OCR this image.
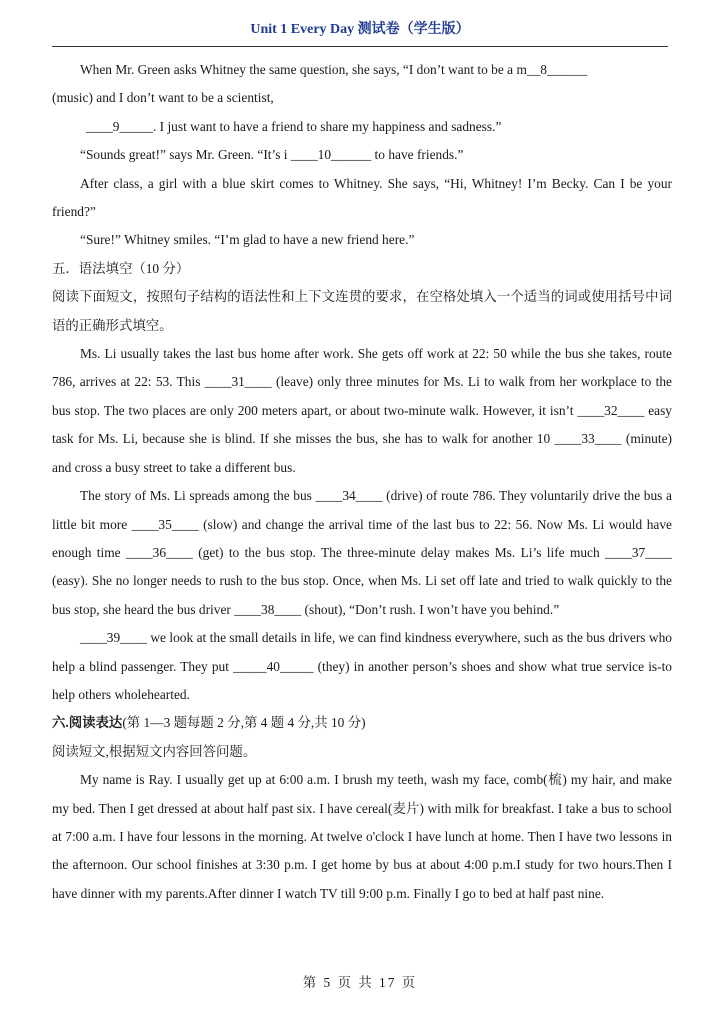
Unit 1 Every Day 测试卷（学生版）

When Mr. Green asks Whitney the same question, she says, “I don’t want to be a m__8______

(music) and I don’t want to be a scientist,

____9_____. I just want to have a friend to share my happiness and sadness.”

“Sounds great!” says Mr. Green. “It’s i ____10______ to have friends.”

After class, a girl with a blue skirt comes to Whitney. She says, “Hi, Whitney! I’m Becky. Can I be your friend?”

“Sure!” Whitney smiles. “I’m glad to have a new friend here.”

五．语法填空（10 分）

阅读下面短文，按照句子结构的语法性和上下文连贯的要求，在空格处填入一个适当的词或使用括号中词语的正确形式填空。

Ms. Li usually takes the last bus home after work. She gets off work at 22: 50 while the bus she takes, route 786, arrives at 22: 53. This ____31____ (leave) only three minutes for Ms. Li to walk from her workplace to the bus stop. The two places are only 200 meters apart, or about two-minute walk. However, it isn’t ____32____ easy task for Ms. Li, because she is blind. If she misses the bus, she has to walk for another 10 ____33____ (minute) and cross a busy street to take a different bus.

The story of Ms. Li spreads among the bus ____34____ (drive) of route 786. They voluntarily drive the bus a little bit more ____35____ (slow) and change the arrival time of the last bus to 22: 56. Now Ms. Li would have enough time ____36____ (get) to the bus stop. The three-minute delay makes Ms. Li’s life much ____37____ (easy). She no longer needs to rush to the bus stop. Once, when Ms. Li set off late and tried to walk quickly to the bus stop, she heard the bus driver ____38____ (shout), “Don’t rush. I won’t have you behind.”

____39____ we look at the small details in life, we can find kindness everywhere, such as the bus drivers who help a blind passenger. They put _____40_____ (they) in another person’s shoes and show what true service is-to help others wholehearted.

六.阅读表达(第 1—3 题每题 2 分,第 4 题 4 分,共 10 分)

阅读短文,根据短文内容回答问题。

My name is Ray. I usually get up at 6:00 a.m. I brush my teeth, wash my face, comb(梳) my hair, and make my bed. Then I get dressed at about half past six. I have cereal(麦片) with milk for breakfast. I take a bus to school at 7:00 a.m. I have four lessons in the morning. At twelve o'clock I have lunch at home. Then I have two lessons in the afternoon. Our school finishes at 3:30 p.m. I get home by bus at about 4:00 p.m.I study for two hours.Then I have dinner with my parents.After dinner I watch TV till 9:00 p.m. Finally I go to bed at half past nine.

第 5 页 共 17 页
